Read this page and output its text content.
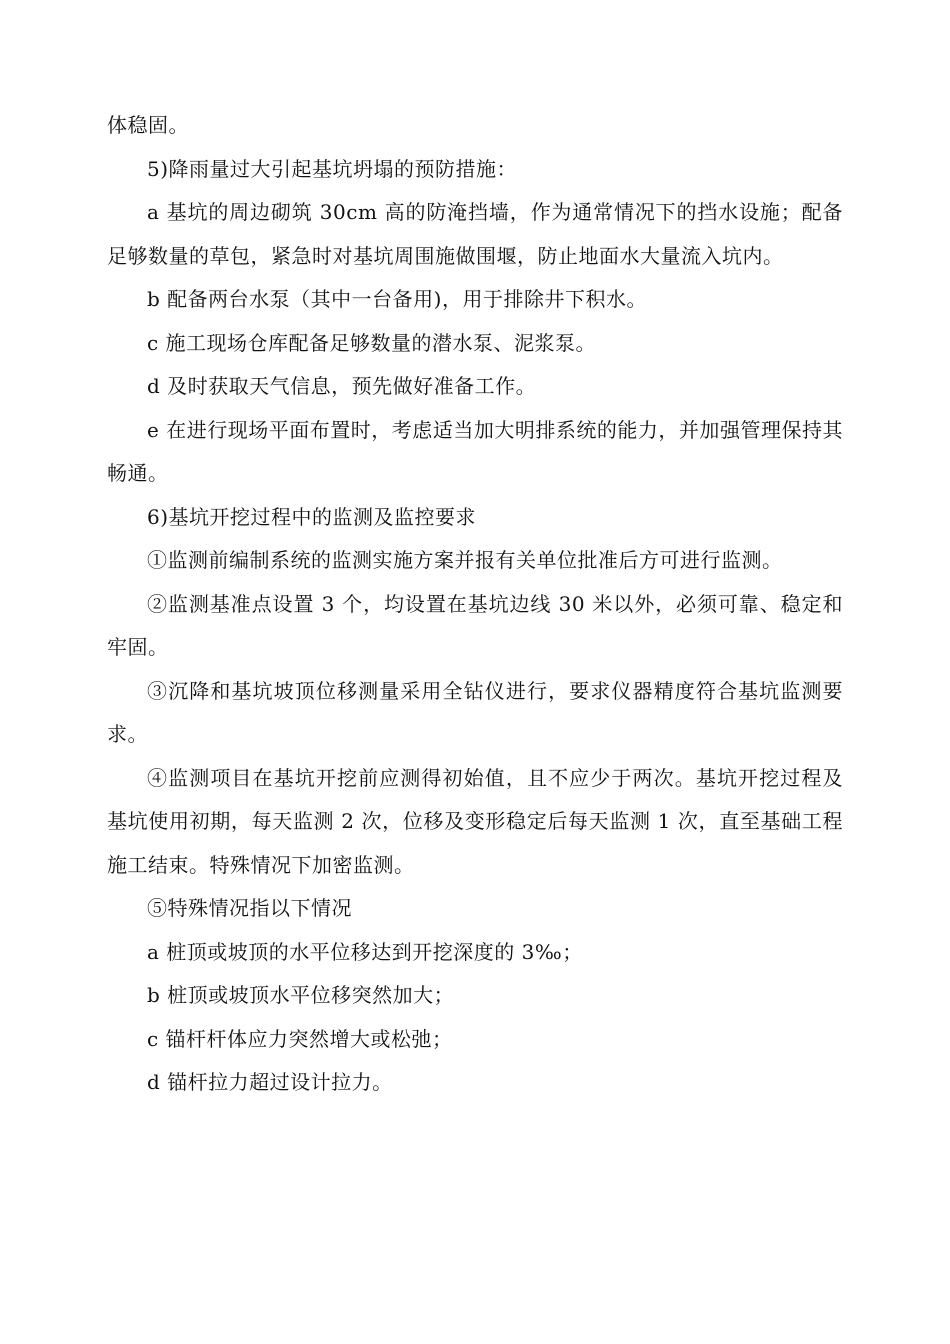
体稳固。

5)降雨量过大引起基坑坍塌的预防措施：

a 基坑的周边砌筑 30cm 高的防淹挡墙，作为通常情况下的挡水设施；配备足够数量的草包，紧急时对基坑周围施做围堰，防止地面水大量流入坑内。

b 配备两台水泵（其中一台备用)，用于排除井下积水。

c 施工现场仓库配备足够数量的潜水泵、泥浆泵。

d 及时获取天气信息，预先做好准备工作。

e 在进行现场平面布置时，考虑适当加大明排系统的能力，并加强管理保持其畅通。

6)基坑开挖过程中的监测及监控要求

①监测前编制系统的监测实施方案并报有关单位批准后方可进行监测。

②监测基准点设置 3 个，均设置在基坑边线 30 米以外，必须可靠、稳定和牢固。

③沉降和基坑坡顶位移测量采用全钻仪进行，要求仪器精度符合基坑监测要求。

④监测项目在基坑开挖前应测得初始值，且不应少于两次。基坑开挖过程及基坑使用初期，每天监测 2 次，位移及变形稳定后每天监测 1 次，直至基础工程施工结束。特殊情况下加密监测。

⑤特殊情况指以下情况

a 桩顶或坡顶的水平位移达到开挖深度的 3‰；

b 桩顶或坡顶水平位移突然加大；

c 锚杆杆体应力突然增大或松弛；

d 锚杆拉力超过设计拉力。
